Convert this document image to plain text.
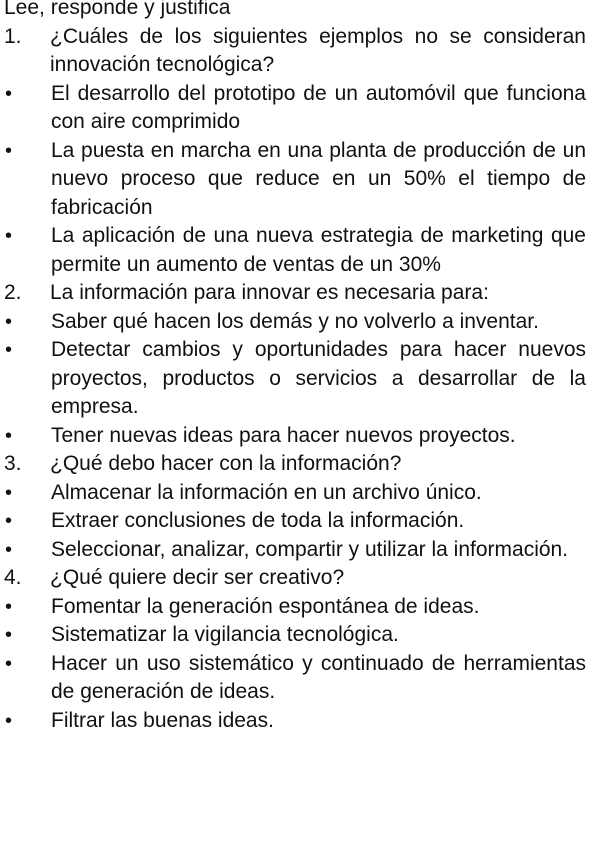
Lee, responde y justifica

1.	¿Cuáles de los siguientes ejemplos no se consideran innovación tecnológica?
•	El desarrollo del prototipo de un automóvil que funciona con aire comprimido
•	La puesta en marcha en una planta de producción de un nuevo proceso que reduce en un 50% el tiempo de fabricación
•	La aplicación de una nueva estrategia de marketing que permite un aumento de ventas de un 30%
2.	La información para innovar es necesaria para:
•	Saber qué hacen los demás y no volverlo a inventar.
•	Detectar cambios y oportunidades para hacer nuevos proyectos, productos o servicios a desarrollar de la empresa.
•	Tener nuevas ideas para hacer nuevos proyectos.
3.	¿Qué debo hacer con la información?
•	Almacenar la información en un archivo único.
•	Extraer conclusiones de toda la información.
•	Seleccionar, analizar, compartir y utilizar la información.
4.	¿Qué quiere decir ser creativo?
•	Fomentar la generación espontánea de ideas.
•	Sistematizar la vigilancia tecnológica.
•	Hacer un uso sistemático y continuado de herramientas de generación de ideas.
•	Filtrar las buenas ideas.
